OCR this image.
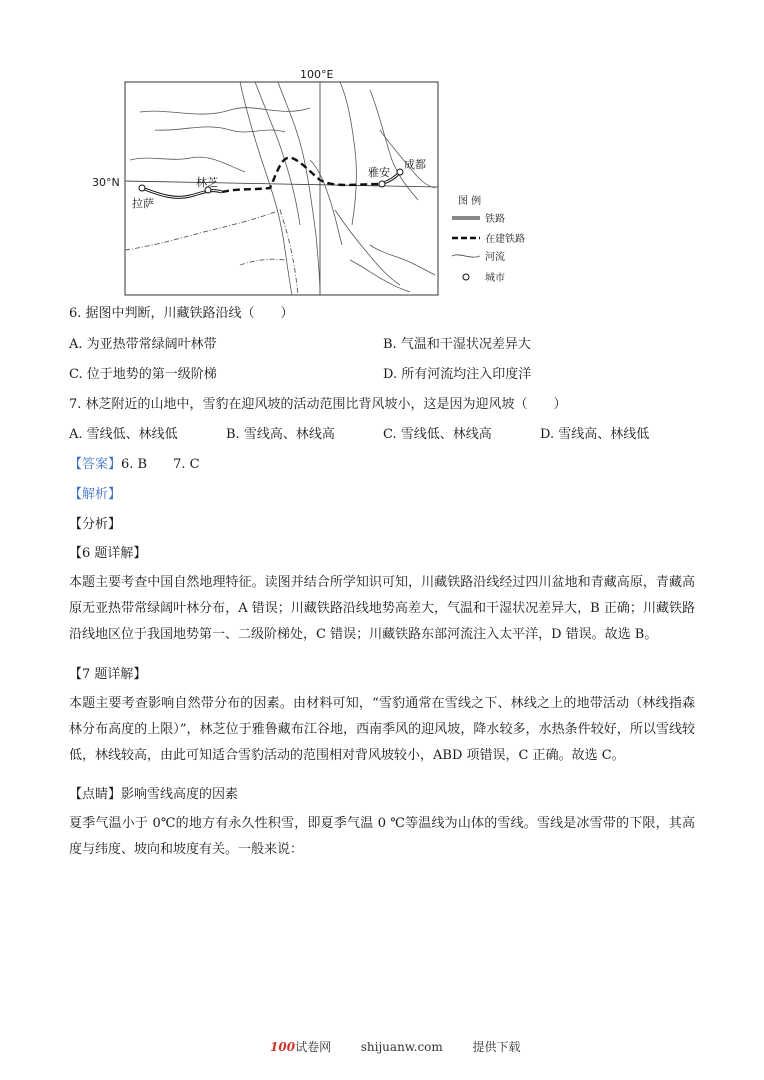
100°E
30°N
拉萨
林芝
雅安
成都
图 例
铁路
在建铁路
河流
城市
6. 据图中判断，川藏铁路沿线（　　）
A. 为亚热带常绿阔叶林带	B. 气温和干湿状况差异大
C. 位于地势的第一级阶梯	D. 所有河流均注入印度洋
7. 林芝附近的山地中，雪豹在迎风坡的活动范围比背风坡小，这是因为迎风坡（　　）
A. 雪线低、林线低	B. 雪线高、林线高	C. 雪线低、林线高	D. 雪线高、林线低
【答案】6. B　　7. C
【解析】
【分析】
【6 题详解】
本题主要考查中国自然地理特征。读图并结合所学知识可知，川藏铁路沿线经过四川盆地和青藏高原，青藏高原无亚热带常绿阔叶林分布，A 错误；川藏铁路沿线地势高差大，气温和干湿状况差异大，B 正确；川藏铁路沿线地区位于我国地势第一、二级阶梯处，C 错误；川藏铁路东部河流注入太平洋，D 错误。故选 B。
【7 题详解】
本题主要考查影响自然带分布的因素。由材料可知，“雪豹通常在雪线之下、林线之上的地带活动（林线指森林分布高度的上限）”，林芝位于雅鲁藏布江谷地，西南季风的迎风坡，降水较多，水热条件较好，所以雪线较低，林线较高，由此可知适合雪豹活动的范围相对背风坡较小，ABD 项错误，C 正确。故选 C。
【点睛】影响雪线高度的因素
夏季气温小于 0℃的地方有永久性积雪，即夏季气温 0 ℃等温线为山体的雪线。雪线是冰雪带的下限，其高度与纬度、坡向和坡度有关。一般来说：
100试卷网 shijuanw.com 提供下载
